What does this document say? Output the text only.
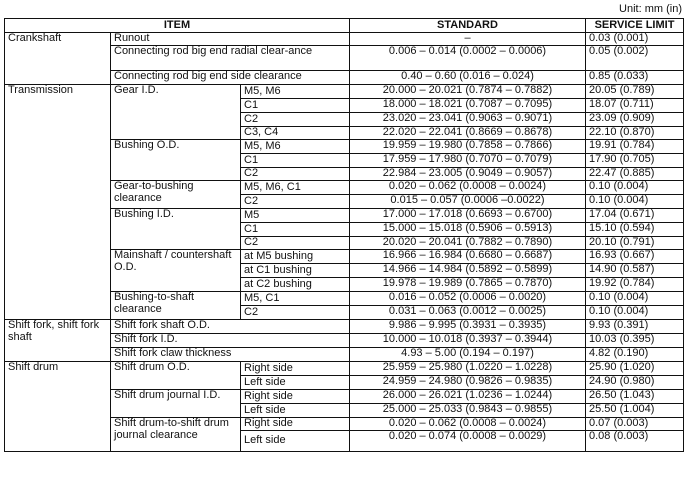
Unit: mm (in)
ITEM			STANDARD	SERVICE LIMIT
Crankshaft	Runout		–	0.03 (0.001)
	Connecting rod big end radial clear-ance		0.006 – 0.014 (0.0002 – 0.0006)	0.05 (0.002)
	Connecting rod big end side clearance		0.40 – 0.60 (0.016 – 0.024)	0.85 (0.033)
Transmission	Gear I.D.	M5, M6	20.000 – 20.021 (0.7874 – 0.7882)	20.05 (0.789)
		C1	18.000 – 18.021 (0.7087 – 0.7095)	18.07 (0.711)
		C2	23.020 – 23.041 (0.9063 – 0.9071)	23.09 (0.909)
		C3, C4	22.020 – 22.041 (0.8669 – 0.8678)	22.10 (0.870)
	Bushing O.D.	M5, M6	19.959 – 19.980 (0.7858 – 0.7866)	19.91 (0.784)
		C1	17.959 – 17.980 (0.7070 – 0.7079)	17.90 (0.705)
		C2	22.984 – 23.005 (0.9049 – 0.9057)	22.47 (0.885)
	Gear-to-bushing clearance	M5, M6, C1	0.020 – 0.062 (0.0008 – 0.0024)	0.10 (0.004)
		C2	0.015 – 0.057 (0.0006 –0.0022)	0.10 (0.004)
	Bushing I.D.	M5	17.000 – 17.018 (0.6693 – 0.6700)	17.04 (0.671)
		C1	15.000 – 15.018 (0.5906 – 0.5913)	15.10 (0.594)
		C2	20.020 – 20.041 (0.7882 – 0.7890)	20.10 (0.791)
	Mainshaft / countershaft O.D.	at M5 bushing	16.966 – 16.984 (0.6680 – 0.6687)	16.93 (0.667)
		at C1 bushing	14.966 – 14.984 (0.5892 – 0.5899)	14.90 (0.587)
		at C2 bushing	19.978 – 19.989 (0.7865 – 0.7870)	19.92 (0.784)
	Bushing-to-shaft clearance	M5, C1	0.016 – 0.052 (0.0006 – 0.0020)	0.10 (0.004)
		C2	0.031 – 0.063 (0.0012 – 0.0025)	0.10 (0.004)
Shift fork, shift fork shaft	Shift fork shaft O.D.		9.986 – 9.995 (0.3931 – 0.3935)	9.93 (0.391)
	Shift fork I.D.		10.000 – 10.018 (0.3937 – 0.3944)	10.03 (0.395)
	Shift fork claw thickness		4.93 – 5.00 (0.194 – 0.197)	4.82 (0.190)
Shift drum	Shift drum O.D.	Right side	25.959 – 25.980 (1.0220 – 1.0228)	25.90 (1.020)
		Left side	24.959 – 24.980 (0.9826 – 0.9835)	24.90 (0.980)
	Shift drum journal I.D.	Right side	26.000 – 26.021 (1.0236 – 1.0244)	26.50 (1.043)
		Left side	25.000 – 25.033 (0.9843 – 0.9855)	25.50 (1.004)
	Shift drum-to-shift drum journal clearance	Right side	0.020 – 0.062 (0.0008 – 0.0024)	0.07 (0.003)
		Left side	0.020 – 0.074 (0.0008 – 0.0029)	0.08 (0.003)
